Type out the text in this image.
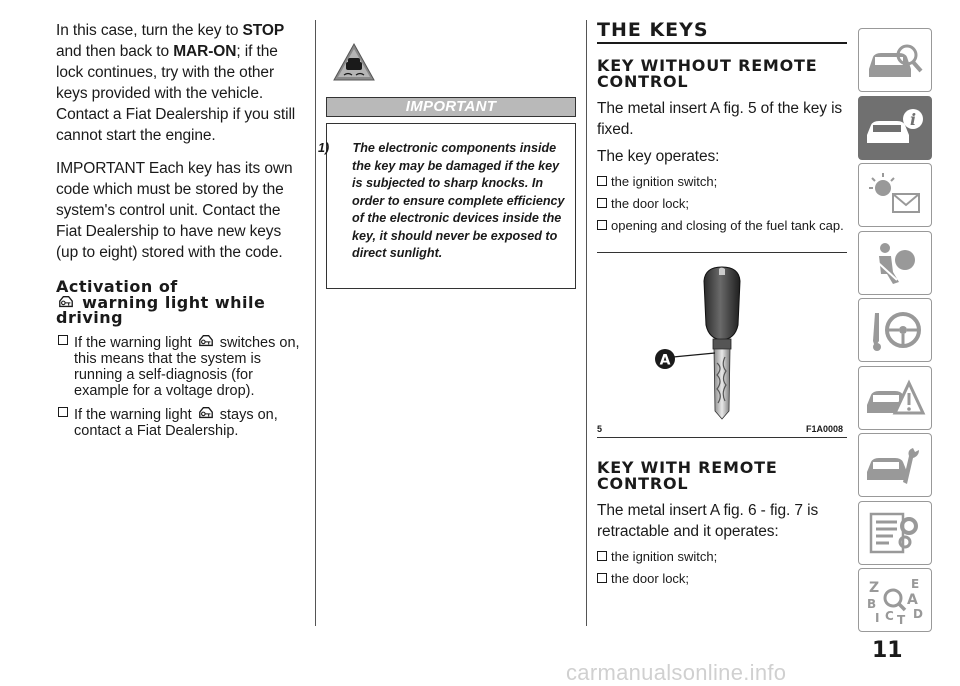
In this case, turn the key to STOP and then back to MAR-ON; if the lock continues, try with the other keys provided with the vehicle. Contact a Fiat Dealership if you still cannot start the engine.

IMPORTANT Each key has its own code which must be stored by the system's control unit. Contact the Fiat Dealership to have new keys (up to eight) stored with the code.

Activation of
warning light while
driving
If the warning light  switches on, this means that the system is running a self-diagnosis (for example for a voltage drop).
If the warning light  stays on, contact a Fiat Dealership.
IMPORTANT

1) The electronic components inside the key may be damaged if the key is subjected to sharp knocks. In order to ensure complete efficiency of the electronic devices inside the key, it should never be exposed to direct sunlight.

THE KEYS
KEY WITHOUT REMOTE
CONTROL

The metal insert A fig. 5 of the key is fixed.

The key operates:

the ignition switch;
the door lock;
opening and closing of the fuel tank cap.
A
5	F1A0008
KEY WITH REMOTE
CONTROL

The metal insert A fig. 6 - fig. 7 is retractable and it operates:

the ignition switch;
the door lock;
i
Z	E
A
B
C D
I T
11
carmanualsonline.info
